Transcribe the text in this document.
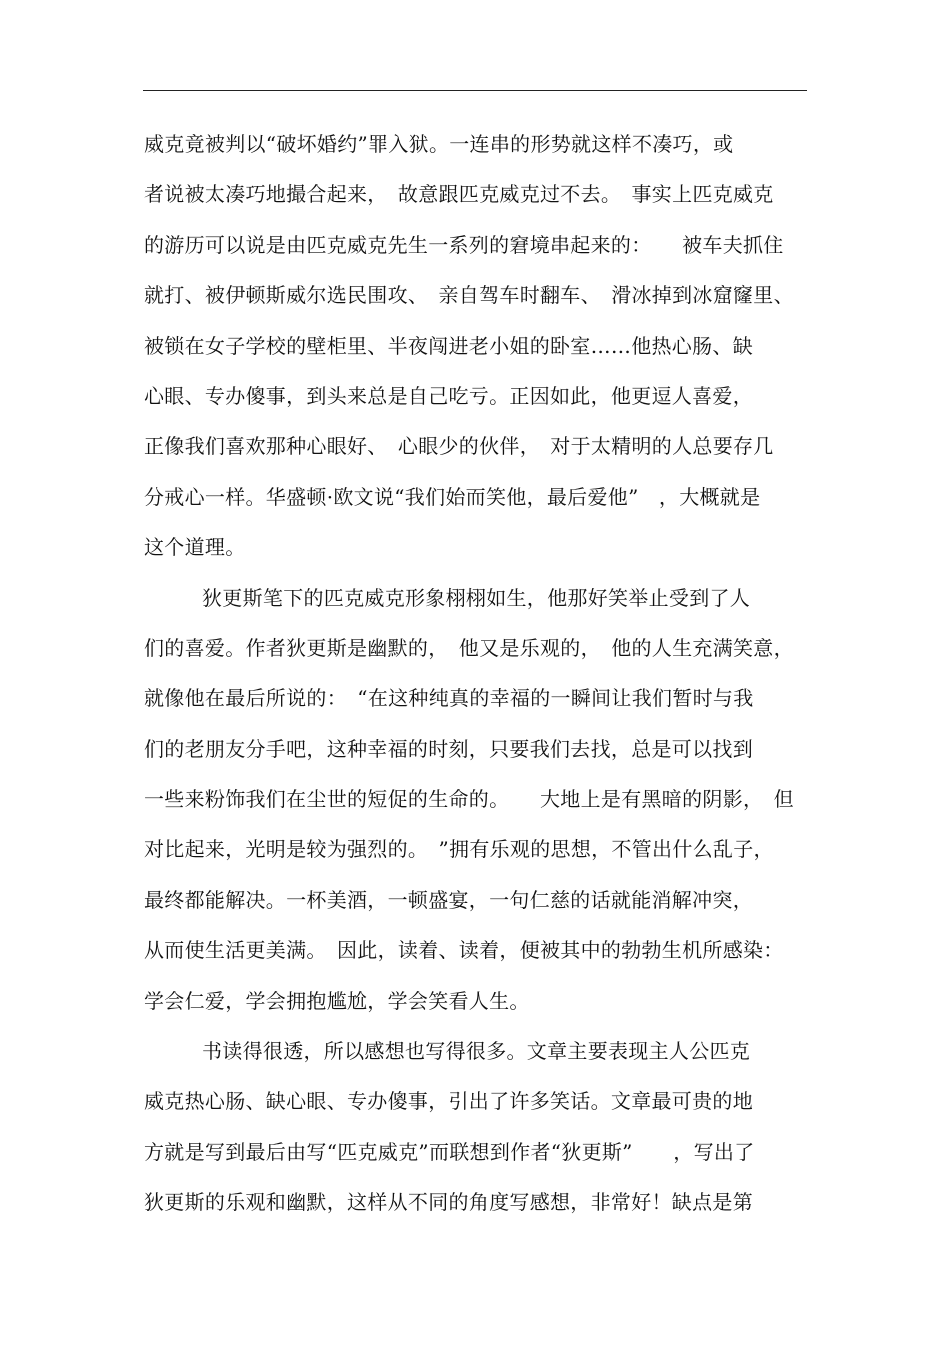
威克竟被判以“破坏婚约”罪入狱。一连串的形势就这样不凑巧，或
者说被太凑巧地撮合起来，　故意跟匹克威克过不去。　事实上匹克威克
的游历可以说是由匹克威克先生一系列的窘境串起来的：　　被车夫抓住
就打、被伊顿斯威尔选民围攻、　亲自驾车时翻车、　滑冰掉到冰窟窿里、
被锁在女子学校的壁柜里、半夜闯进老小姐的卧室……他热心肠、缺
心眼、专办傻事，到头来总是自己吃亏。正因如此，他更逗人喜爱，
正像我们喜欢那种心眼好、　心眼少的伙伴，　对于太精明的人总要存几
分戒心一样。华盛顿·欧文说“我们始而笑他，最后爱他”　，大概就是
这个道理。
狄更斯笔下的匹克威克形象栩栩如生，他那好笑举止受到了人
们的喜爱。作者狄更斯是幽默的，　他又是乐观的，　他的人生充满笑意，
就像他在最后所说的：　“在这种纯真的幸福的一瞬间让我们暂时与我
们的老朋友分手吧，这种幸福的时刻，只要我们去找，总是可以找到
一些来粉饰我们在尘世的短促的生命的。　　大地上是有黑暗的阴影，　但
对比起来，光明是较为强烈的。　”拥有乐观的思想，不管出什么乱子，
最终都能解决。一杯美酒，一顿盛宴，一句仁慈的话就能消解冲突，
从而使生活更美满。　因此，读着、读着，便被其中的勃勃生机所感染：
学会仁爱，学会拥抱尴尬，学会笑看人生。
书读得很透，所以感想也写得很多。文章主要表现主人公匹克
威克热心肠、缺心眼、专办傻事，引出了许多笑话。文章最可贵的地
方就是写到最后由写“匹克威克”而联想到作者“狄更斯”　　，写出了
狄更斯的乐观和幽默，这样从不同的角度写感想，非常好！缺点是第
